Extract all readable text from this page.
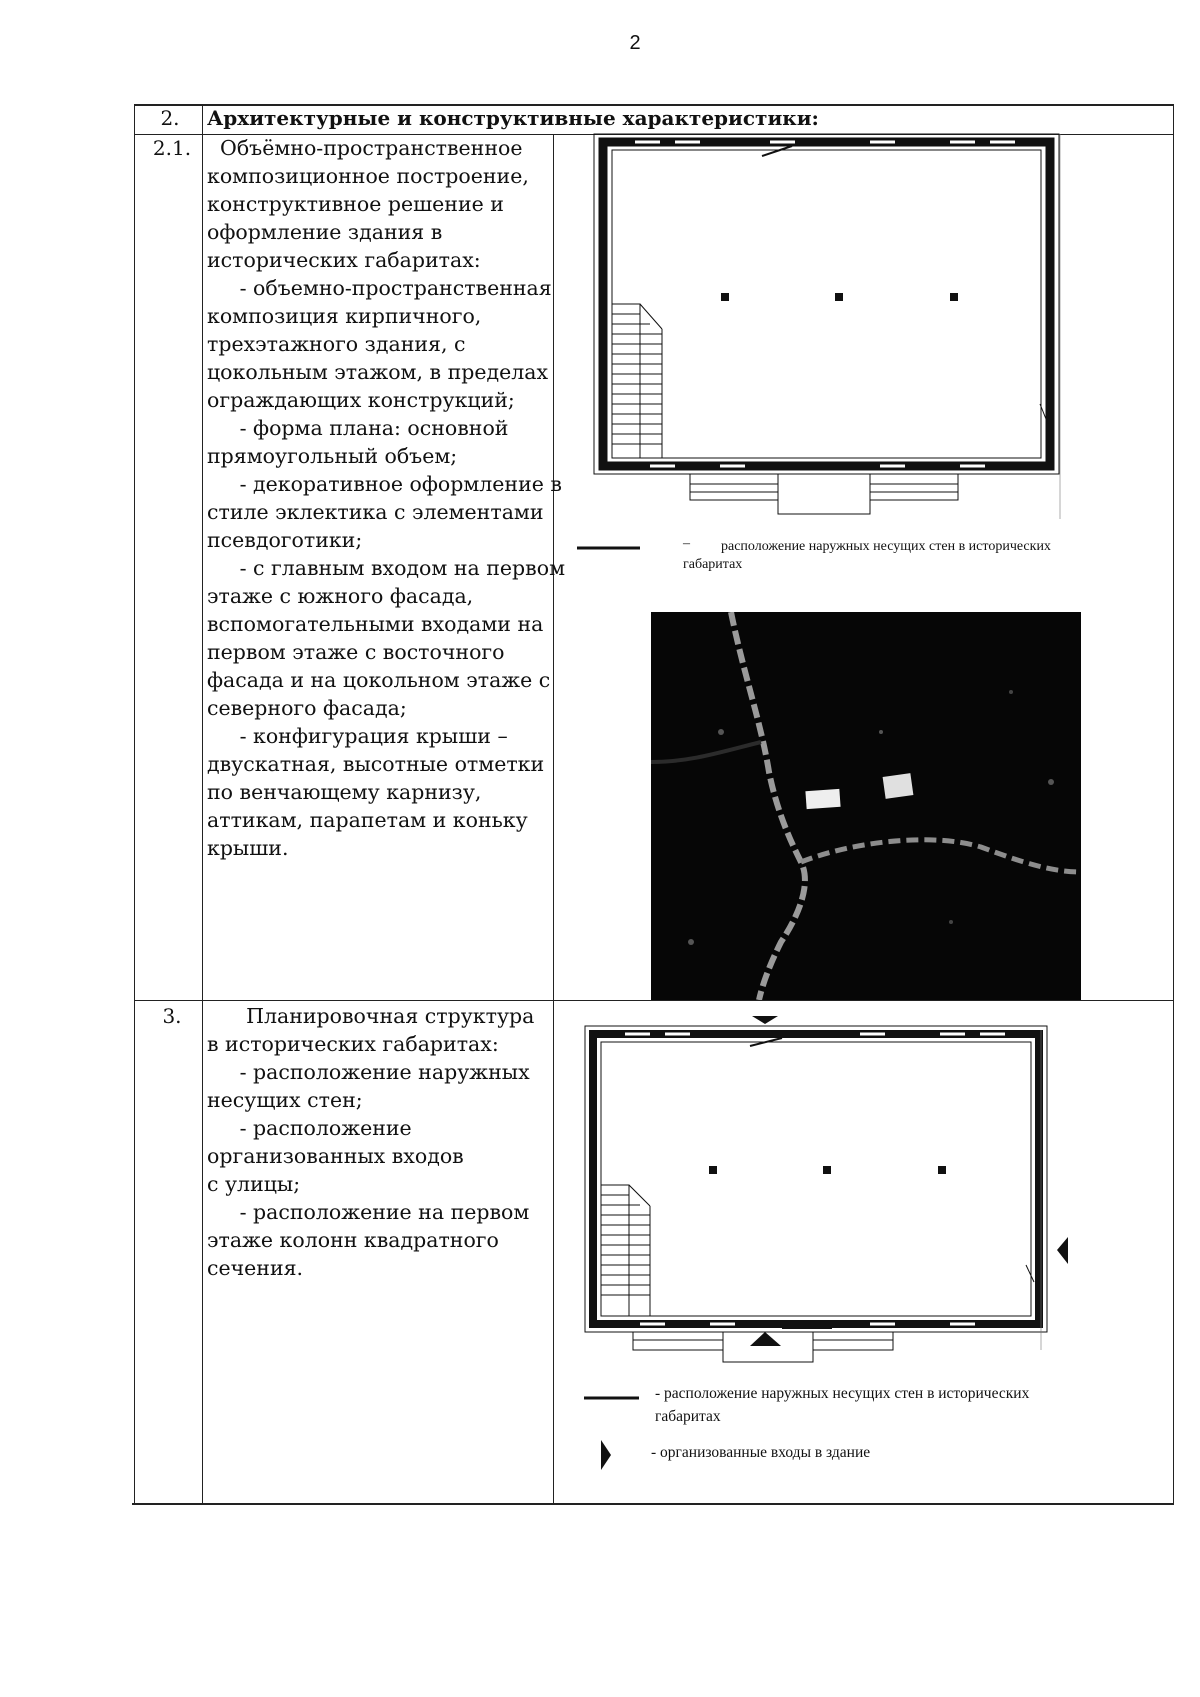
2
2.	Архитектурные и конструктивные характеристики:
2.1. Объёмно-пространственное
композиционное построение,
конструктивное решение и
оформление здания в
исторических габаритах:
- объемно-пространственная
композиция кирпичного,
трехэтажного здания, с
цокольным этажом, в пределах
ограждающих конструкций;
- форма плана: основной
прямоугольный объем;
- декоративное оформление в
стиле эклектика с элементами
псевдоготики;
- с главным входом на первом
этаже с южного фасада,
вспомогательными входами на
первом этаже с восточного
фасада и на цокольном этаже с
северного фасада;
- конфигурация крыши –
двускатная, высотные отметки
по венчающему карнизу,
аттикам, парапетам и коньку
крыши.
– расположение наружных несущих стен в исторических
габаритах
3.	Планировочная структура
в исторических габаритах:
- расположение наружных
несущих стен;
- расположение
организованных входов
с улицы;
- расположение на первом
этаже колонн квадратного
сечения.
- расположение наружных несущих стен в исторических
габаритах
- организованные входы в здание
